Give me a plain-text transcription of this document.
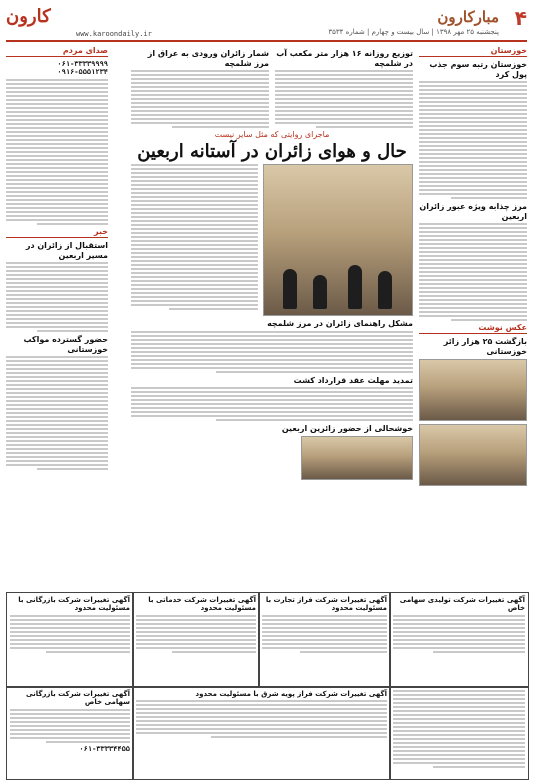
۴
مبارکارون
پنجشنبه ۲۵ مهر ۱۳۹۸ | سال بیست و چهارم | شماره ۳۵۳۴
www.karoondaily.ir
کارون
خوزستان
خوزستان رتبه سوم جذب پول کرد
مرز چذابه ویژه عبور زائران اربعین
عکس نوشت
بازگشت ۲۵ هزار زائر خوزستانی
توزیع روزانه ۱۶ هزار متر مکعب آب در شلمچه
شمار زائران ورودی به عراق از مرز شلمچه
ماجرای روایتی که مثل سایر نیست
حال و هوای زائران در آستانه اربعین
مشکل راهنمای زائران در مرز شلمچه
تمدید مهلت عقد قرارداد کشت
خوشحالی از حضور زائرین اربعین
صدای مردم
۰۶۱-۳۳۳۳۹۹۹۹
۰۹۱۶-۵۵۵۱۲۳۴
خبر
استقبال از زائران در مسیر اربعین
حضور گسترده مواکب خوزستانی
آگهی تغییرات شرکت بازرگانی با مسئولیت محدود
آگهی تغییرات شرکت خدماتی با مسئولیت محدود
آگهی تغییرات شرکت فراز تجارت با مسئولیت محدود
آگهی تغییرات شرکت تولیدی سهامی خاص
آگهی تغییرات شرکت بازرگانی سهامی خاص
۰۶۱-۳۳۳۳۴۴۵۵
آگهی تغییرات شرکت فراز پویه شرق با مسئولیت محدود
